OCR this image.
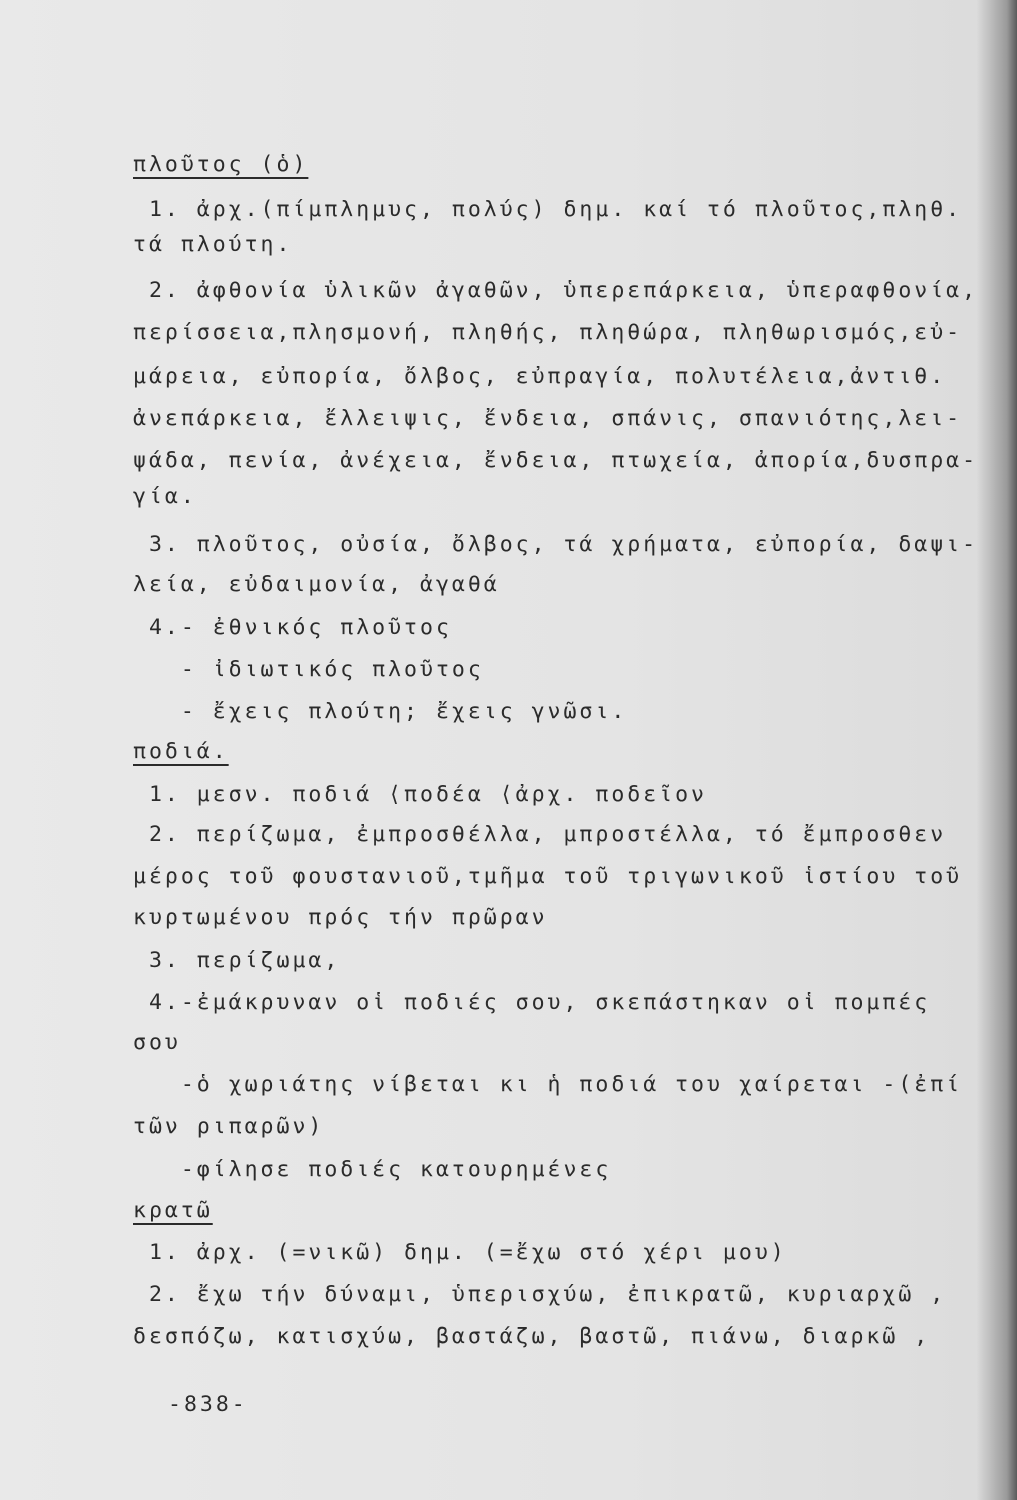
πλοῦτος (ὁ)
1. ἀρχ.(πίμπλημυς, πολύς) δημ. καί τό πλοῦτος,πληθ.
τά πλούτη.
2. ἀφθονία ὑλικῶν ἀγαθῶν, ὑπερεπάρκεια, ὑπεραφθονία,
περίσσεια,πλησμονή, πληθής, πληθώρα, πληθωρισμός,εὐ-
μάρεια, εὐπορία, ὄλβος, εὐπραγία, πολυτέλεια,ἀντιθ.
ἀνεπάρκεια, ἔλλειψις, ἔνδεια, σπάνις, σπανιότης,λει-
ψάδα, πενία, ἀνέχεια, ἔνδεια, πτωχεία, ἀπορία,δυσπρα-
γία.
3. πλοῦτος, οὐσία, ὄλβος, τά χρήματα, εὐπορία, δαψι-
λεία, εὐδαιμονία, ἀγαθά
4.- ἐθνικός πλοῦτος
- ἰδιωτικός πλοῦτος
- ἔχεις πλούτη; ἔχεις γνῶσι.
ποδιά.
1. μεσν. ποδιά ⟨ποδέα ⟨ἀρχ. ποδεῖον
2. περίζωμα, ἐμπροσθέλλα, μπροστέλλα, τό ἔμπροσθεν
μέρος τοῦ φουστανιοῦ,τμῆμα τοῦ τριγωνικοῦ ἱστίου τοῦ
κυρτωμένου πρός τήν πρῶραν
3. περίζωμα,
4.-ἐμάκρυναν οἱ ποδιές σου, σκεπάστηκαν οἱ πομπές
σου
-ὁ χωριάτης νίβεται κι ἡ ποδιά του χαίρεται -(ἐπί
τῶν ριπαρῶν)
-φίλησε ποδιές κατουρημένες
κρατῶ
1. ἀρχ. (=νικῶ) δημ. (=ἔχω στό χέρι μου)
2. ἔχω τήν δύναμι, ὑπερισχύω, ἐπικρατῶ, κυριαρχῶ ,
δεσπόζω, κατισχύω, βαστάζω, βαστῶ, πιάνω, διαρκῶ ,
-838-
